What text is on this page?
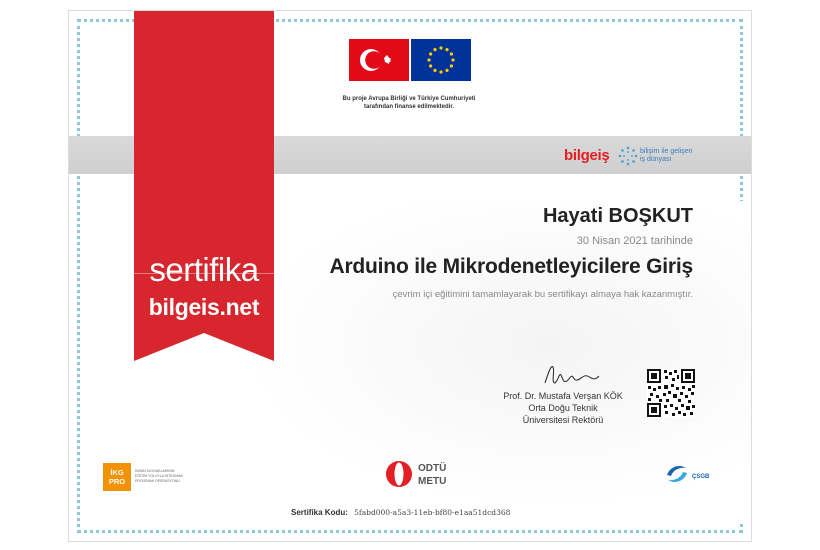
Bu proje Avrupa Birliği ve Türkiye Cumhuriyeti
tarafından finanse edilmektedir.
bilgeiş	bilişim ile gelişen
iş dünyası
sertifika
bilgeis.net
Hayati BOŞKUT
30 Nisan 2021 tarihinde
Arduino ile Mikrodenetleyicilere Giriş
çevrim içi eğitimini tamamlayarak bu sertifikayı almaya hak kazanmıştır.
Prof. Dr. Mustafa Verşan KÖK
Orta Doğu Teknik
Üniversitesi Rektörü
İKG
PRO
İNSAN KAYNAKLARININ EĞİTİM YOLUYLA İSTİHDAMI PROGRAMI OPERASYONU
ODTÜ
METU	ÇSGB
Sertifika Kodu: 5fabd000-a5a3-11eb-bf80-e1aa51dcd368
